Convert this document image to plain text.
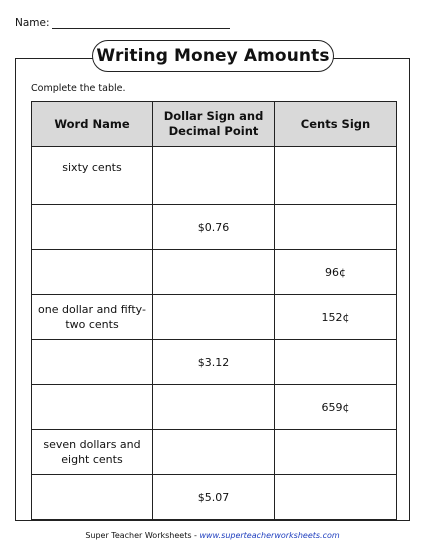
Name:
Writing Money Amounts
Complete the table.
Word Name	Dollar Sign and Decimal Point	Cents Sign
sixty cents		
	$0.76	
		96¢
one dollar and fifty-two cents		152¢
	$3.12	
		659¢
seven dollars and eight cents		
	$5.07	
Super Teacher Worksheets - www.superteacherworksheets.com
